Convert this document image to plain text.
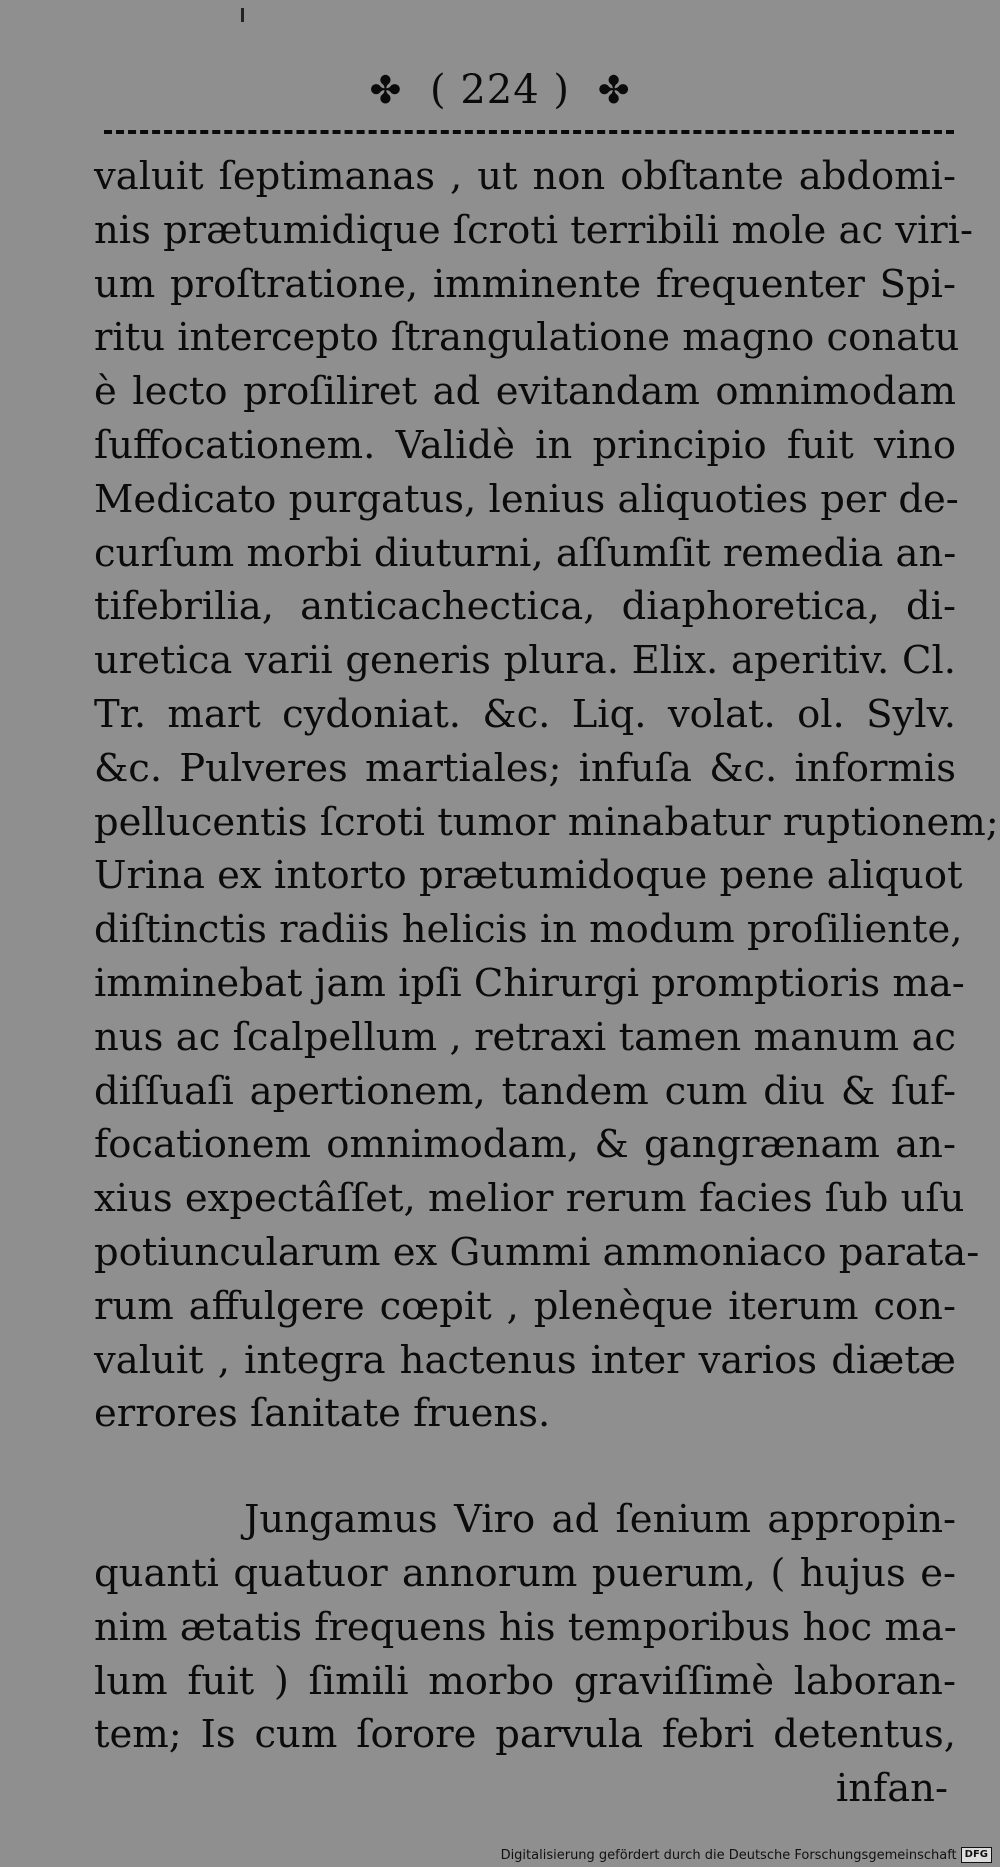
✤ ( 224 ) ✤
valuit ſeptimanas , ut non obſtante abdomi-
nis prætumidique ſcroti terribili mole ac viri-
um proſtratione, imminente frequenter Spi-
ritu intercepto ſtrangulatione magno conatu
è lecto proſiliret ad evitandam omnimodam
ſuffocationem. Validè in principio fuit vino
Medicato purgatus, lenius aliquoties per de-
curſum morbi diuturni, aſſumſit remedia an-
tifebrilia, anticachectica, diaphoretica, di-
uretica varii generis plura. Elix. aperitiv. Cl.
Tr. mart cydoniat. &c. Liq. volat. ol. Sylv.
&c. Pulveres martiales; infuſa &c. informis
pellucentis ſcroti tumor minabatur ruptionem;
Urina ex intorto prætumidoque pene aliquot
diſtinctis radiis helicis in modum proſiliente,
imminebat jam ipſi Chirurgi promptioris ma-
nus ac ſcalpellum , retraxi tamen manum ac
diſſuaſi apertionem, tandem cum diu & ſuf-
focationem omnimodam, & gangrænam an-
xius expectâſſet, melior rerum facies ſub uſu
potiuncularum ex Gummi ammoniaco parata-
rum affulgere cœpit , plenèque iterum con-
valuit , integra hactenus inter varios diætæ
errores ſanitate fruens.
Jungamus Viro ad ſenium appropin-
quanti quatuor annorum puerum, ( hujus e-
nim ætatis frequens his temporibus hoc ma-
lum fuit ) ſimili morbo graviſſimè laboran-
tem; Is cum ſorore parvula febri detentus,
infan-
Digitalisierung gefördert durch die Deutsche Forschungsgemeinschaft DFG
